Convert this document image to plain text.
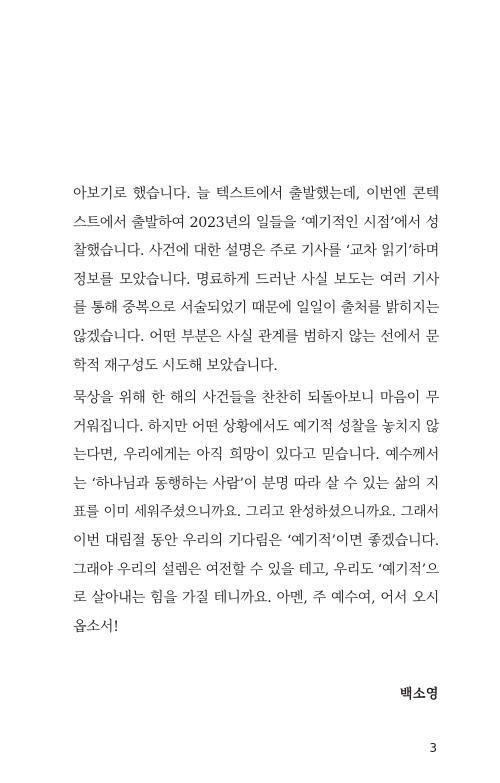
아보기로 했습니다. 늘 텍스트에서 출발했는데, 이번엔 콘텍
스트에서 출발하여 2023년의 일들을 ‘예기적인 시점’에서 성
찰했습니다. 사건에 대한 설명은 주로 기사를 ‘교차 읽기’하며
정보를 모았습니다. 명료하게 드러난 사실 보도는 여러 기사
를 통해 중복으로 서술되었기 때문에 일일이 출처를 밝히지는
않겠습니다. 어떤 부분은 사실 관계를 범하지 않는 선에서 문
학적 재구성도 시도해 보았습니다.
묵상을 위해 한 해의 사건들을 찬찬히 되돌아보니 마음이 무
거워집니다. 하지만 어떤 상황에서도 예기적 성찰을 놓치지 않
는다면, 우리에게는 아직 희망이 있다고 믿습니다. 예수께서
는 ‘하나님과 동행하는 사람’이 분명 따라 살 수 있는 삶의 지
표를 이미 세워주셨으니까요. 그리고 완성하셨으니까요. 그래서
이번 대림절 동안 우리의 기다림은 ‘예기적’이면 좋겠습니다.
그래야 우리의 설렘은 여전할 수 있을 테고, 우리도 ‘예기적’으
로 살아내는 힘을 가질 테니까요. 아멘, 주 예수여, 어서 오시
옵소서!
백소영
3
